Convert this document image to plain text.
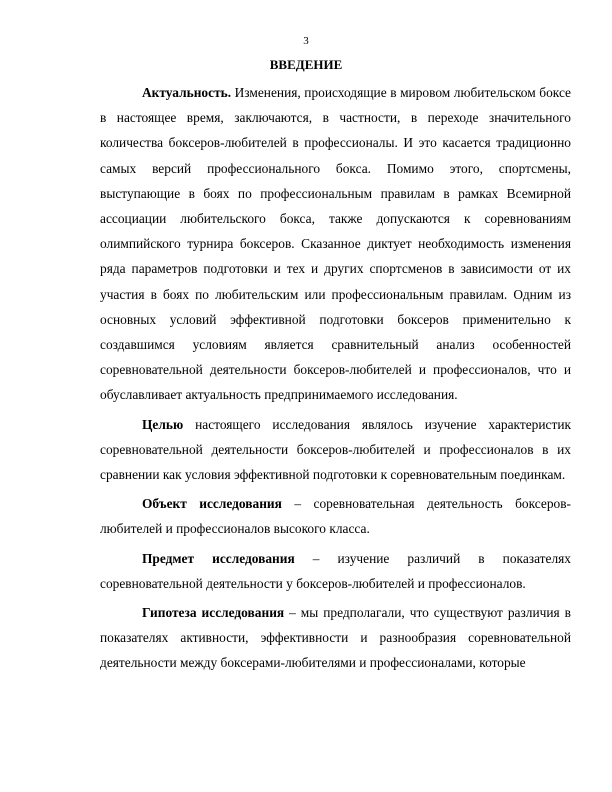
3
ВВЕДЕНИЕ

Актуальность. Изменения, происходящие в мировом любительском боксе в настоящее время, заключаются, в частности, в переходе значительного количества боксеров-любителей в профессионалы. И это касается традиционно самых версий профессионального бокса. Помимо этого, спортсмены, выступающие в боях по профессиональным правилам в рамках Всемирной ассоциации любительского бокса, также допускаются к соревнованиям олимпийского турнира боксеров. Сказанное диктует необходимость изменения ряда параметров подготовки и тех и других спортсменов в зависимости от их участия в боях по любительским или профессиональным правилам. Одним из основных условий эффективной подготовки боксеров применительно к создавшимся условиям является сравнительный анализ особенностей соревновательной деятельности боксеров-любителей и профессионалов, что и обуславливает актуальность предпринимаемого исследования.

Целью настоящего исследования являлось изучение характеристик соревновательной деятельности боксеров-любителей и профессионалов в их сравнении как условия эффективной подготовки к соревновательным поединкам.

Объект исследования – соревновательная деятельность боксеров-любителей и профессионалов высокого класса.

Предмет исследования – изучение различий в показателях соревновательной деятельности у боксеров-любителей и профессионалов.

Гипотеза исследования – мы предполагали, что существуют различия в показателях активности, эффективности и разнообразия соревновательной деятельности между боксерами-любителями и профессионалами, которые
